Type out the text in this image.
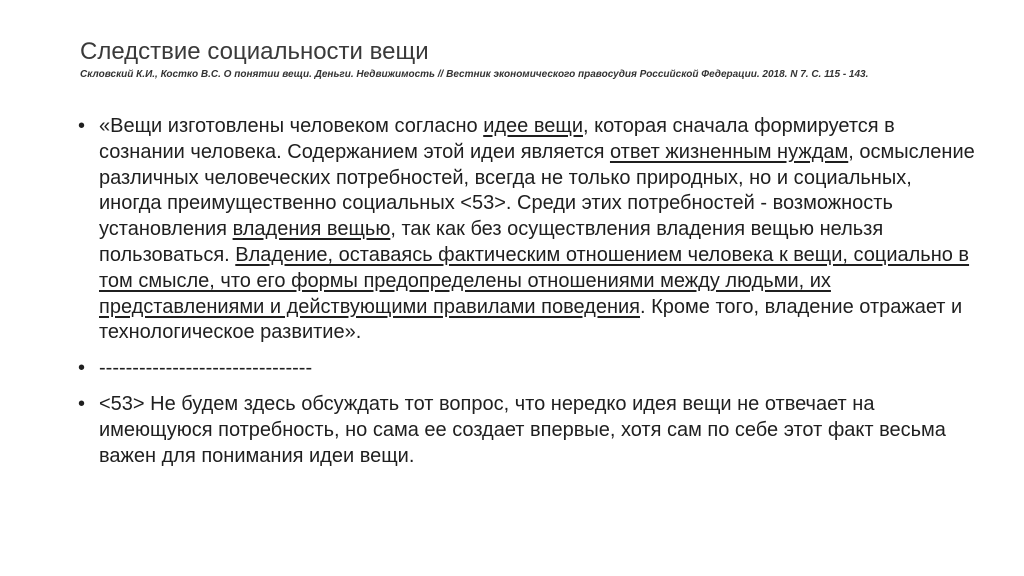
Следствие социальности вещи
Скловский К.И., Костко В.С. О понятии вещи. Деньги. Недвижимость // Вестник экономического правосудия Российской Федерации. 2018. N 7. С. 115 - 143.
• «Вещи изготовлены человеком согласно идее вещи, которая сначала формируется в сознании человека. Содержанием этой идеи является ответ жизненным нуждам, осмысление различных человеческих потребностей, всегда не только природных, но и социальных, иногда преимущественно социальных <53>. Среди этих потребностей - возможность установления владения вещью, так как без осуществления владения вещью нельзя пользоваться. Владение, оставаясь фактическим отношением человека к вещи, социально в том смысле, что его формы предопределены отношениями между людьми, их представлениями и действующими правилами поведения. Кроме того, владение отражает и технологическое развитие».
• --------------------------------
• <53> Не будем здесь обсуждать тот вопрос, что нередко идея вещи не отвечает на имеющуюся потребность, но сама ее создает впервые, хотя сам по себе этот факт весьма важен для понимания идеи вещи.
